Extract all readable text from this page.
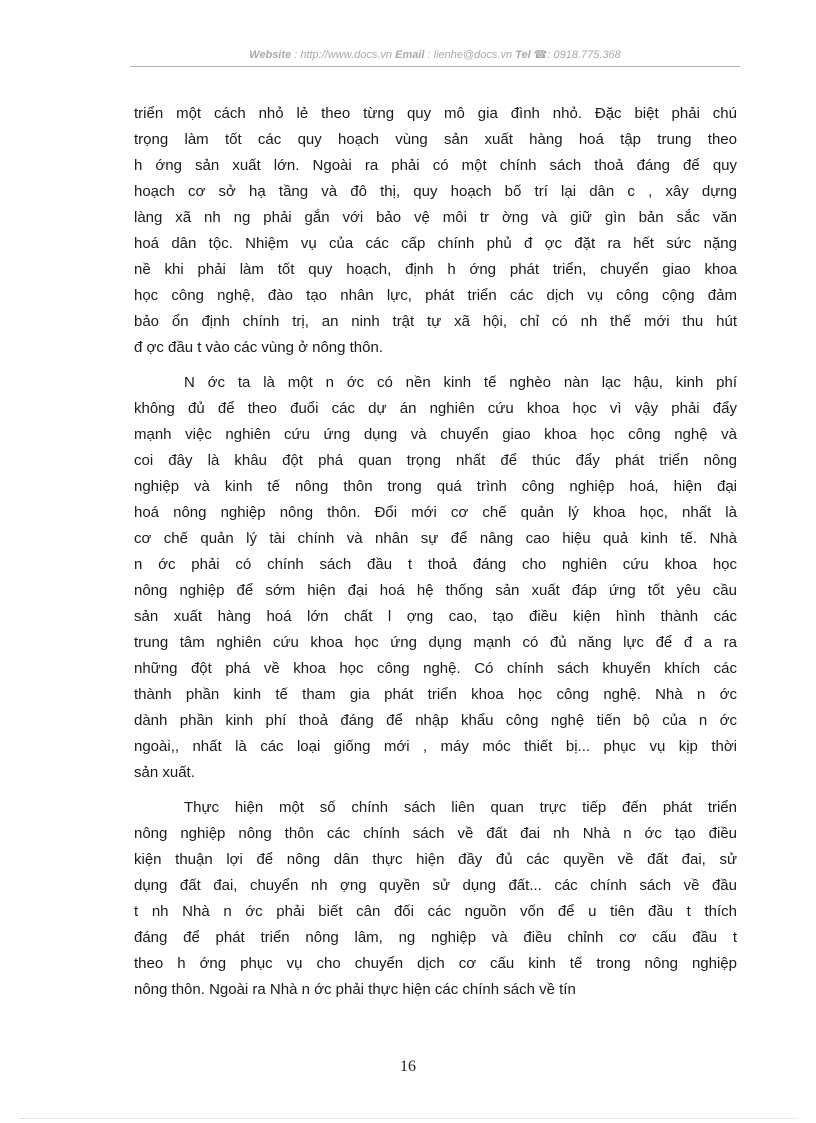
Website : http://www.docs.vn Email : lienhe@docs.vn Tel ☎: 0918.775.368
triển một cách nhỏ lẻ theo từng quy mô gia đình nhỏ. Đặc biệt phải chú
trọng làm tốt các quy hoạch vùng sản xuất hàng hoá tập trung theo
h ớng sản xuất lớn. Ngoài ra phải có một chính sách thoả đáng để quy
hoạch cơ sở hạ tầng và đô thị, quy hoạch bố trí lại dân c , xây dựng
làng xã nh ng phải gắn với bảo vệ môi tr ờng và giữ gìn bản sắc văn
hoá dân tộc. Nhiệm vụ của các cấp chính phủ đ ợc đặt ra hết sức nặng
nề khi phải làm tốt quy hoạch, định h ớng phát triển, chuyển giao khoa
học công nghệ, đào tạo nhân lực, phát triển các dịch vụ công cộng đảm
bảo ổn định chính trị, an ninh trật tự xã hội, chỉ có nh thế mới thu hút
đ ợc đầu t vào các vùng ở nông thôn.
N ớc ta là một n ớc có nền kinh tế nghèo nàn lạc hậu, kinh phí
không đủ để theo đuổi các dự án nghiên cứu khoa học vì vậy phải đẩy
mạnh việc nghiên cứu ứng dụng và chuyển giao khoa học công nghệ và
coi đây là khâu đột phá quan trọng nhất để thúc đẩy phát triển nông
nghiệp và kinh tế nông thôn trong quá trình công nghiệp hoá, hiện đại
hoá nông nghiệp nông thôn. Đổi mới cơ chế quản lý khoa học, nhất là
cơ chế quản lý tài chính và nhân sự để nâng cao hiệu quả kinh tế. Nhà
n ớc phải có chính sách đầu t thoả đáng cho nghiên cứu khoa học
nông nghiệp để sớm hiện đại hoá hệ thống sản xuất đáp ứng tốt yêu cầu
sản xuất hàng hoá lớn chất l ợng cao, tạo điều kiện hình thành các
trung tâm nghiên cứu khoa học ứng dụng mạnh có đủ năng lực để đ a ra
những đột phá về khoa học công nghệ. Có chính sách khuyến khích các
thành phần kinh tế tham gia phát triển khoa học công nghệ. Nhà n ớc
dành phần kinh phí thoả đáng để nhập khẩu công nghệ tiến bộ của n ớc
ngoài,, nhất là các loại giống mới , máy móc thiết bị... phục vụ kịp thời
sản xuất.
Thực hiện một số chính sách liên quan trực tiếp đến phát triển
nông nghiệp nông thôn các chính sách về đất đai nh Nhà n ớc tạo điều
kiện thuận lợi để nông dân thực hiện đầy đủ các quyền về đất đai, sử
dụng đất đai, chuyển nh ợng quyền sử dụng đất... các chính sách về đầu
t nh Nhà n ớc phải biết cân đối các nguồn vốn để u tiên đầu t thích
đáng để phát triển nông lâm, ng nghiệp và điều chỉnh cơ cấu đầu t
theo h ớng phục vụ cho chuyển dịch cơ cấu kinh tế trong nông nghiệp
nông thôn. Ngoài ra Nhà n ớc phải thực hiện các chính sách về tín
16
